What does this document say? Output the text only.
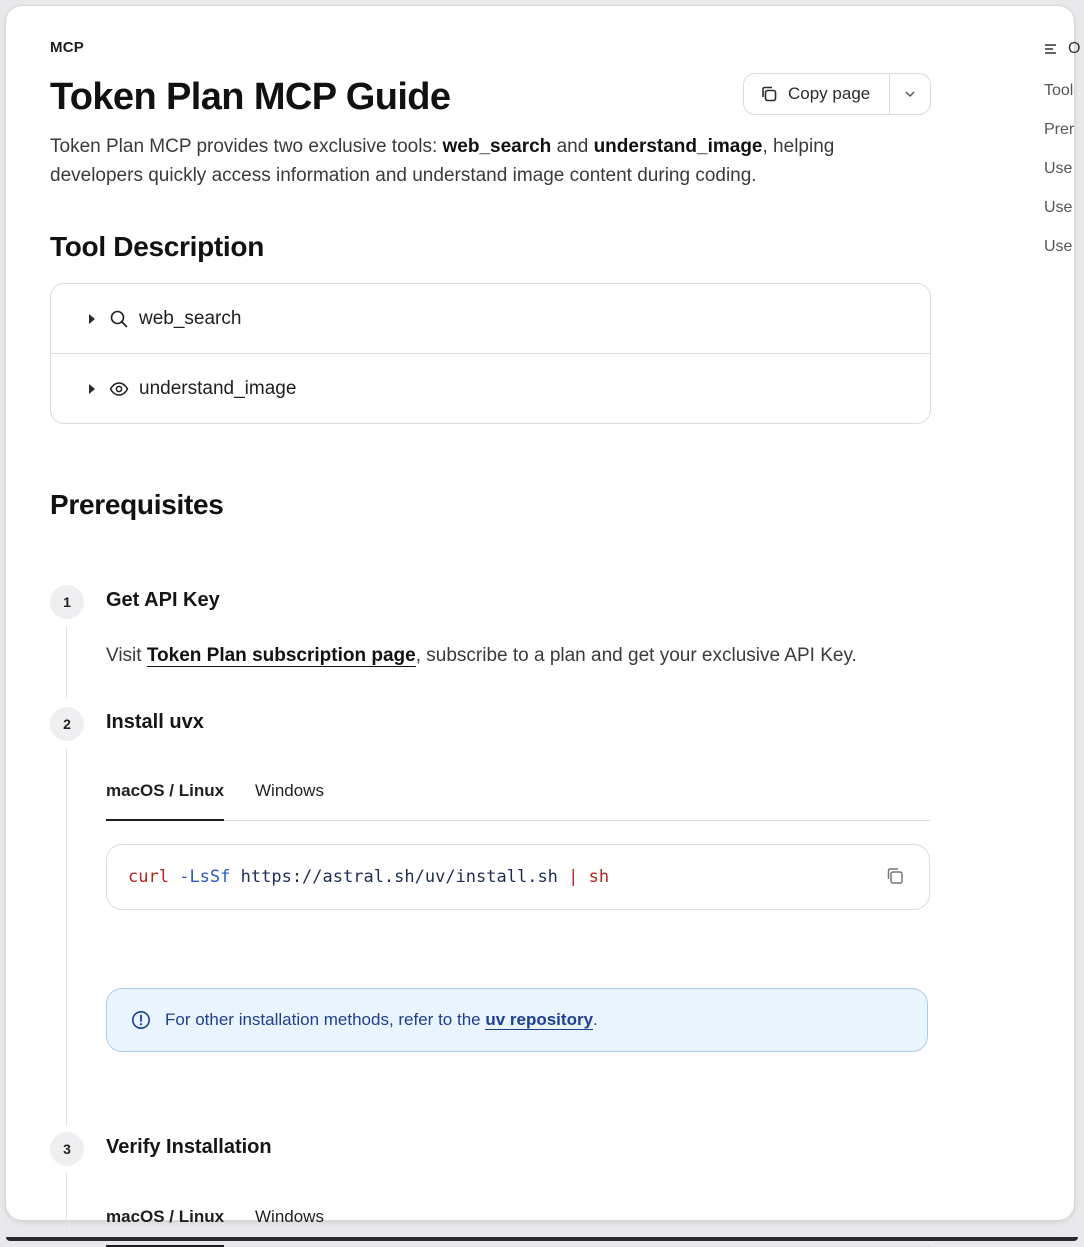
MCP
Token Plan MCP Guide	Copy page

Token Plan MCP provides two exclusive tools: web_search and understand_image, helping developers quickly access information and understand image content during coding.

Tool Description
web_search
understand_image
Prerequisites
1	Get API Key
Visit Token Plan subscription page, subscribe to a plan and get your exclusive API Key.
2	Install uvx
macOS / Linux Windows
curl -LsSf https://astral.sh/uv/install.sh | sh
For other installation methods, refer to the uv repository.
3	Verify Installation
macOS / Linux Windows
O
Tool
Prer
Use
Use
Use
